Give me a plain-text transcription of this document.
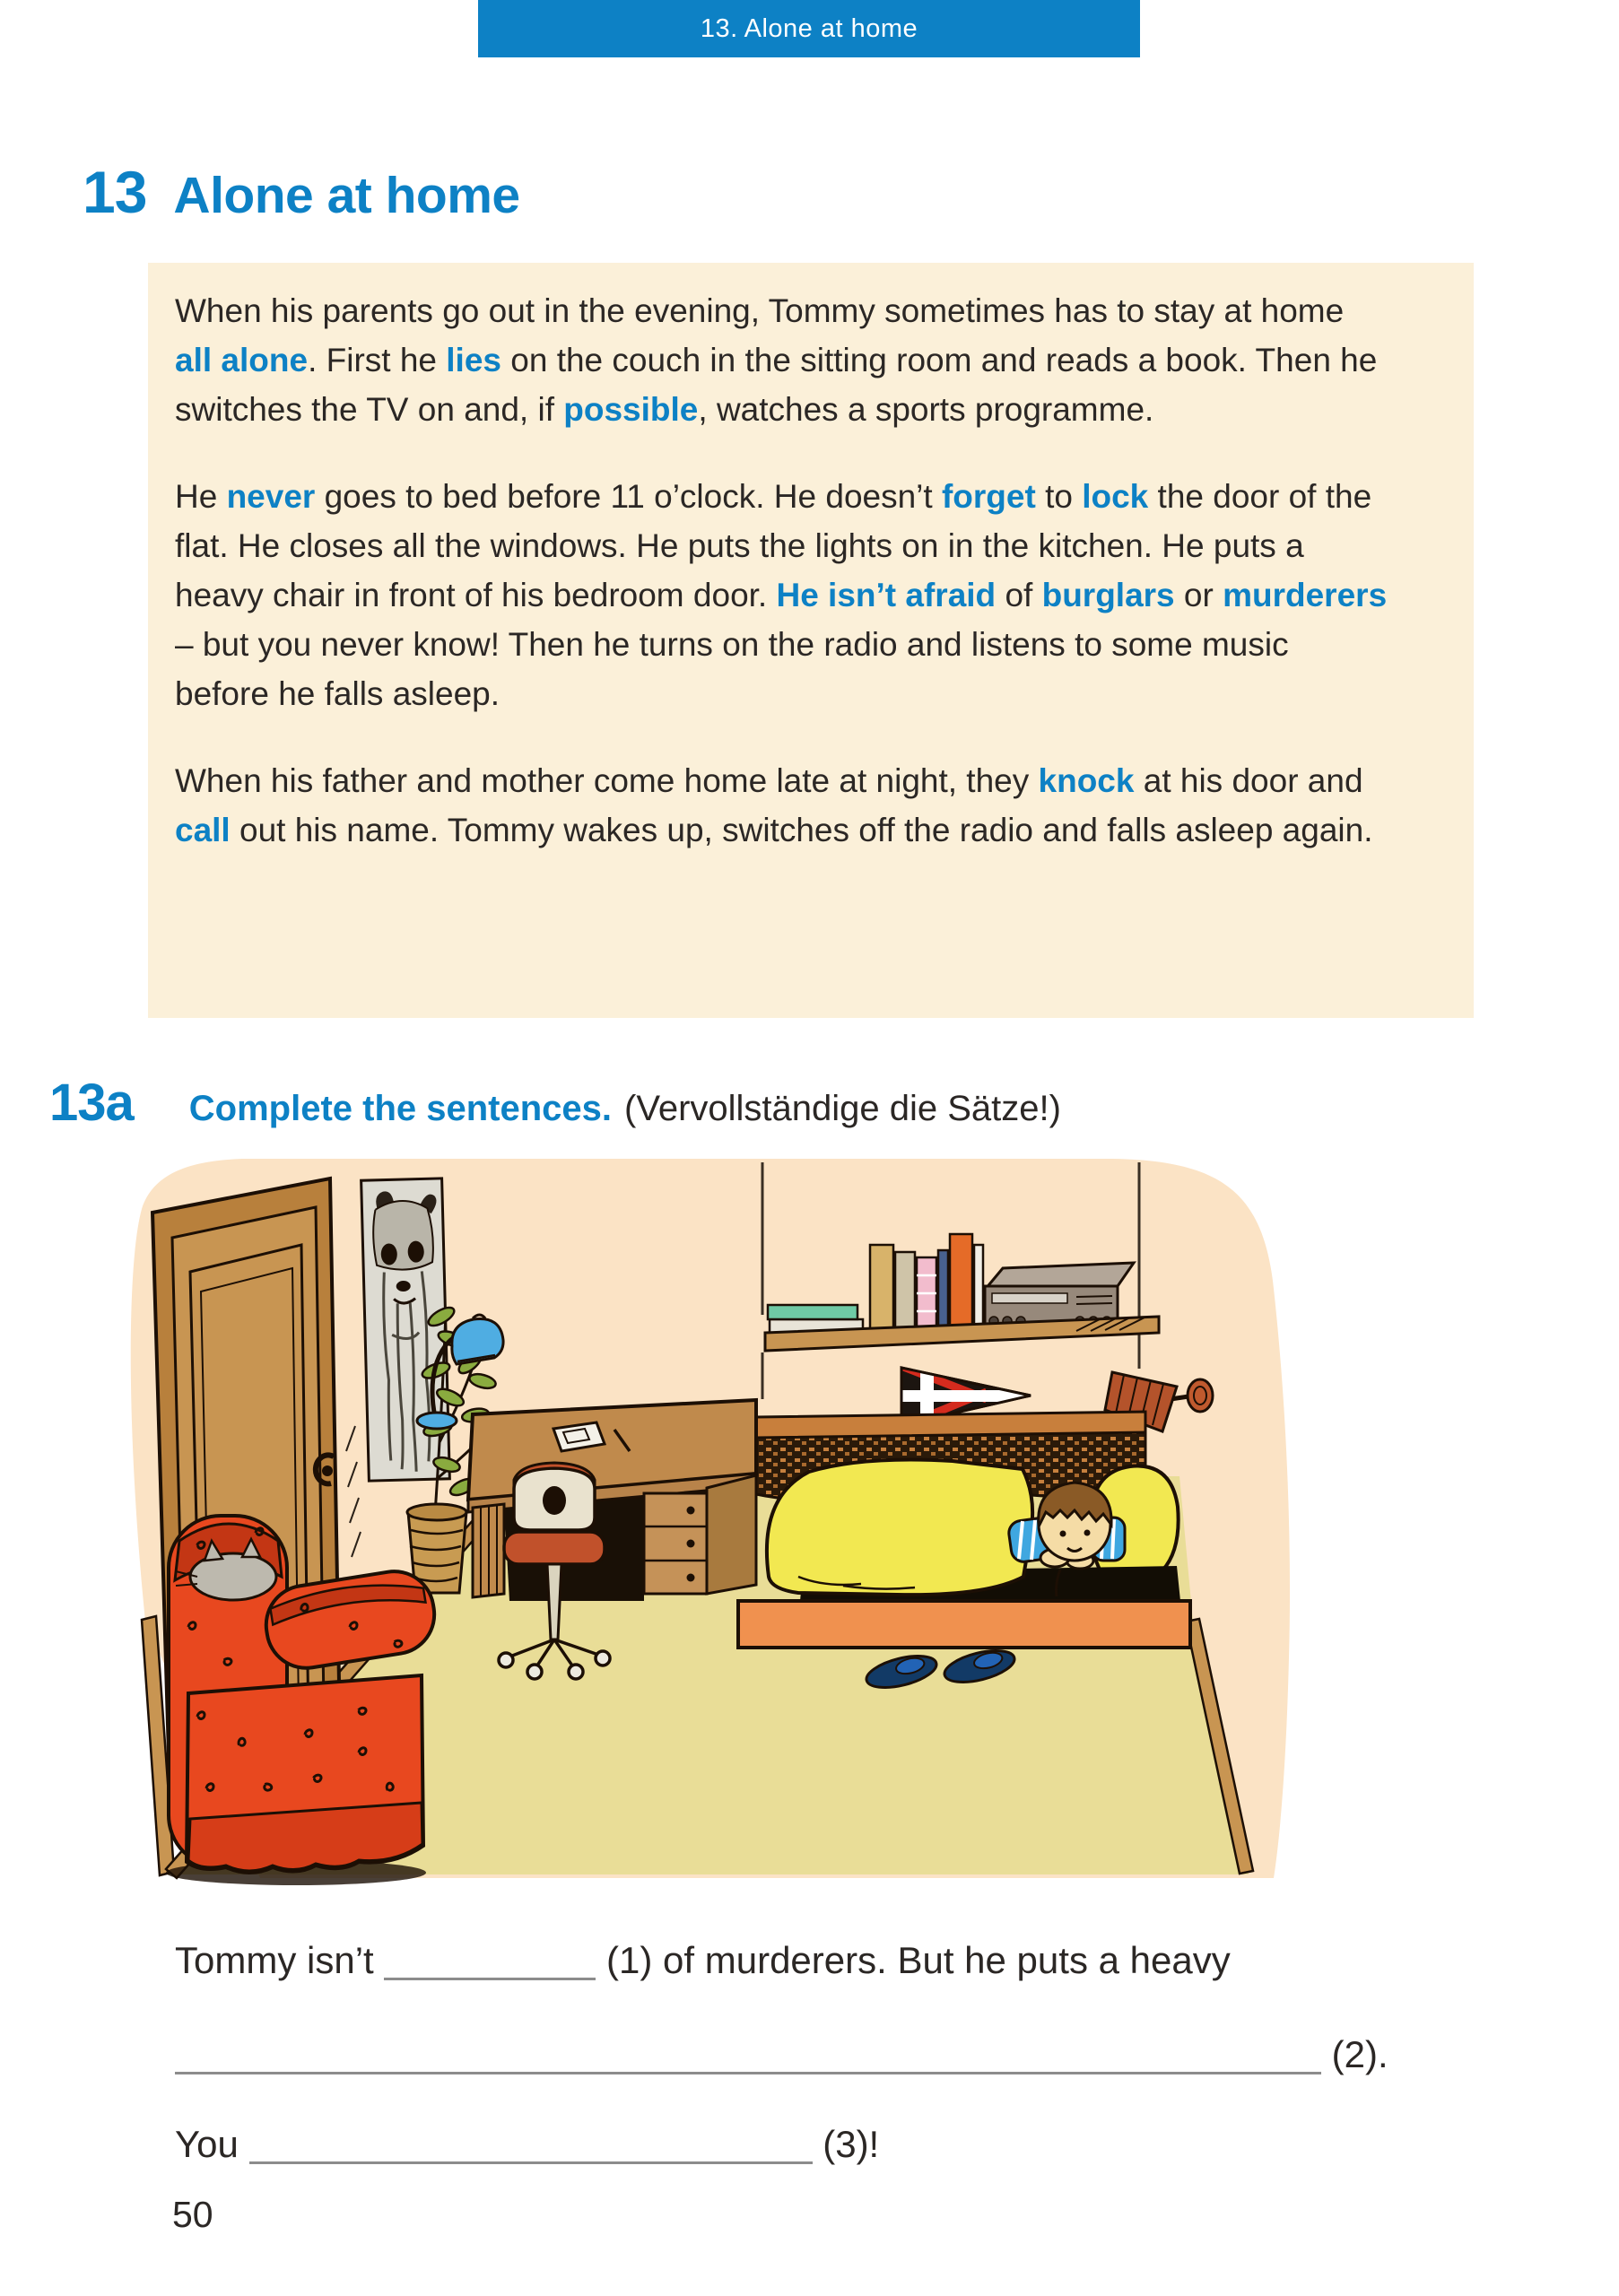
13. Alone at home
13 Alone at home

When his parents go out in the evening, Tommy sometimes has to stay at home all alone. First he lies on the couch in the sitting room and reads a book. Then he switches the TV on and, if possible, watches a sports programme.

He never goes to bed before 11 o’clock. He doesn’t forget to lock the door of the flat. He closes all the windows. He puts the lights on in the kitchen. He puts a heavy chair in front of his bedroom door. He isn’t afraid of burglars or murderers – but you never know! Then he turns on the radio and listens to some music before he falls asleep.

When his father and mother come home late at night, they knock at his door and call out his name. Tommy wakes up, switches off the radio and falls asleep again.

13a Complete the sentences. (Vervollständige die Sätze!)
Tommy isn’t	(1) of murderers. But he puts a heavy
(2).
You	(3)!
50
